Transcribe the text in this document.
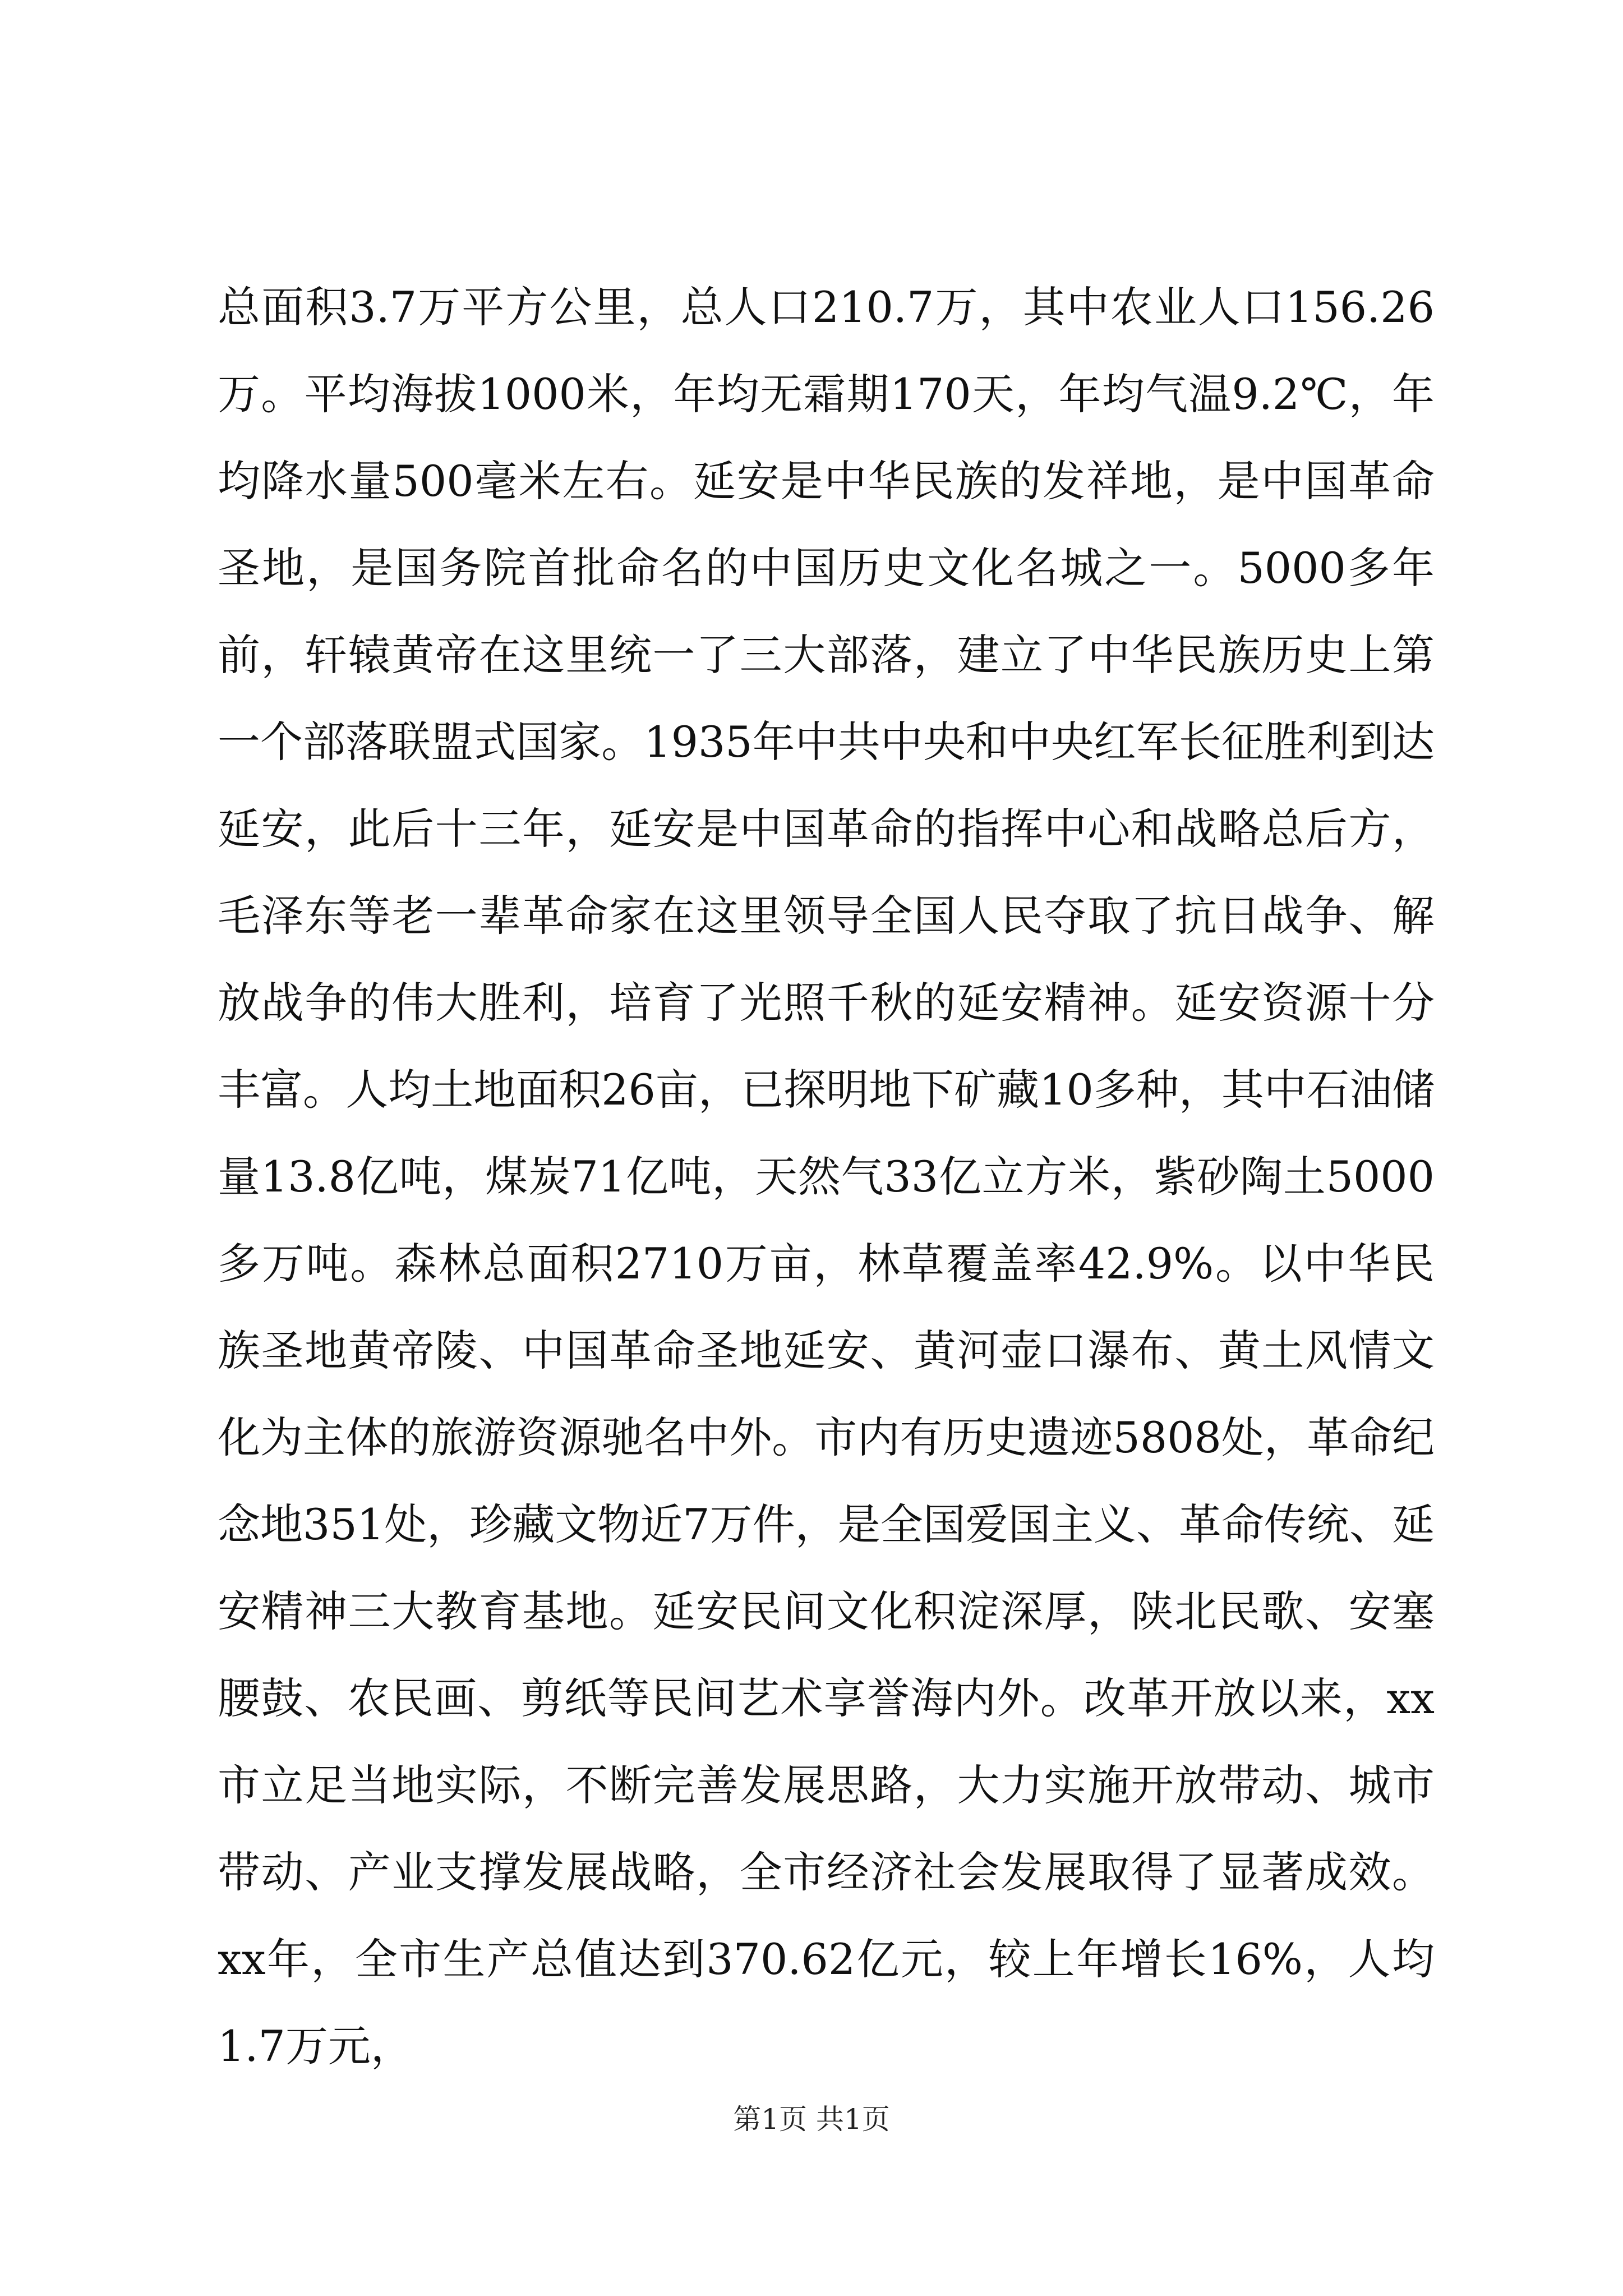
总面积3.7万平方公里，总人口210.7万，其中农业人口156.26万。平均海拔1000米，年均无霜期170天，年均气温9.2℃，年均降水量500毫米左右。延安是中华民族的发祥地，是中国革命圣地，是国务院首批命名的中国历史文化名城之一。5000多年前，轩辕黄帝在这里统一了三大部落，建立了中华民族历史上第一个部落联盟式国家。1935年中共中央和中央红军长征胜利到达延安，此后十三年，延安是中国革命的指挥中心和战略总后方，毛泽东等老一辈革命家在这里领导全国人民夺取了抗日战争、解放战争的伟大胜利，培育了光照千秋的延安精神。延安资源十分丰富。人均土地面积26亩，已探明地下矿藏10多种，其中石油储量13.8亿吨，煤炭71亿吨，天然气33亿立方米，紫砂陶土5000多万吨。森林总面积2710万亩，林草覆盖率42.9%。以中华民族圣地黄帝陵、中国革命圣地延安、黄河壶口瀑布、黄土风情文化为主体的旅游资源驰名中外。市内有历史遗迹5808处，革命纪念地351处，珍藏文物近7万件，是全国爱国主义、革命传统、延安精神三大教育基地。延安民间文化积淀深厚，陕北民歌、安塞腰鼓、农民画、剪纸等民间艺术享誉海内外。改革开放以来，xx市立足当地实际，不断完善发展思路，大力实施开放带动、城市带动、产业支撑发展战略，全市经济社会发展取得了显著成效。xx年，全市生产总值达到370.62亿元，较上年增长16%，人均1.7万元，

第1页 共1页
